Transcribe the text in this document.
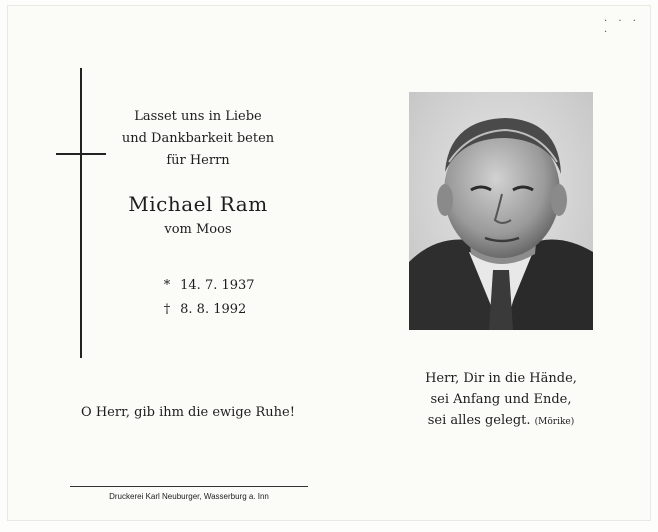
· · · ·
Lasset uns in Liebe
und Dankbarkeit beten
für Herrn
Michael Ram
vom Moos
* 14. 7. 1937
† 8. 8. 1992
O Herr, gib ihm die ewige Ruhe!
Druckerei Karl Neuburger, Wasserburg a. Inn
Herr, Dir in die Hände,
sei Anfang und Ende,
sei alles gelegt. (Mörike)
